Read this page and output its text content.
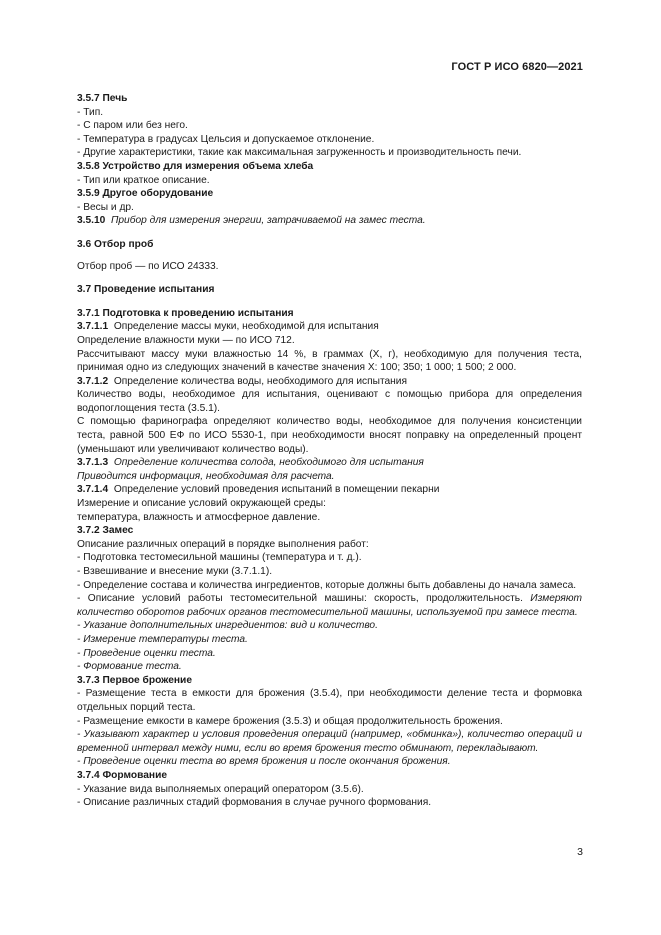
ГОСТ Р ИСО 6820—2021

3.5.7 Печь

- Тип.

- С паром или без него.

- Температура в градусах Цельсия и допускаемое отклонение.

- Другие характеристики, такие как максимальная загруженность и производительность печи.

3.5.8 Устройство для измерения объема хлеба

- Тип или краткое описание.

3.5.9 Другое оборудование

- Весы и др.

3.5.10 Прибор для измерения энергии, затрачиваемой на замес теста.

3.6 Отбор проб

Отбор проб — по ИСО 24333.

3.7 Проведение испытания

3.7.1 Подготовка к проведению испытания

3.7.1.1 Определение массы муки, необходимой для испытания

Определение влажности муки — по ИСО 712.

Рассчитывают массу муки влажностью 14 %, в граммах (Х, г), необходимую для получения теста, принимая одно из следующих значений в качестве значения Х: 100; 350; 1 000; 1 500; 2 000.

3.7.1.2 Определение количества воды, необходимого для испытания

Количество воды, необходимое для испытания, оценивают с помощью прибора для определения водопоглощения теста (3.5.1).

С помощью фаринографа определяют количество воды, необходимое для получения консистенции теста, равной 500 ЕФ по ИСО 5530-1, при необходимости вносят поправку на определенный процент (уменьшают или увеличивают количество воды).

3.7.1.3 Определение количества солода, необходимого для испытания

Приводится информация, необходимая для расчета.

3.7.1.4 Определение условий проведения испытаний в помещении пекарни

Измерение и описание условий окружающей среды:

температура, влажность и атмосферное давление.

3.7.2 Замес

Описание различных операций в порядке выполнения работ:

- Подготовка тестомесильной машины (температура и т. д.).

- Взвешивание и внесение муки (3.7.1.1).

- Определение состава и количества ингредиентов, которые должны быть добавлены до начала замеса.

- Описание условий работы тестомесительной машины: скорость, продолжительность. Измеряют количество оборотов рабочих органов тестомесительной машины, используемой при замесе теста.

- Указание дополнительных ингредиентов: вид и количество.

- Измерение температуры теста.

- Проведение оценки теста.

- Формование теста.

3.7.3 Первое брожение

- Размещение теста в емкости для брожения (3.5.4), при необходимости деление теста и формовка отдельных порций теста.

- Размещение емкости в камере брожения (3.5.3) и общая продолжительность брожения.

- Указывают характер и условия проведения операций (например, «обминка»), количество операций и временной интервал между ними, если во время брожения тесто обминают, перекладывают.

- Проведение оценки теста во время брожения и после окончания брожения.

3.7.4 Формование

- Указание вида выполняемых операций оператором (3.5.6).

- Описание различных стадий формования в случае ручного формования.

3
